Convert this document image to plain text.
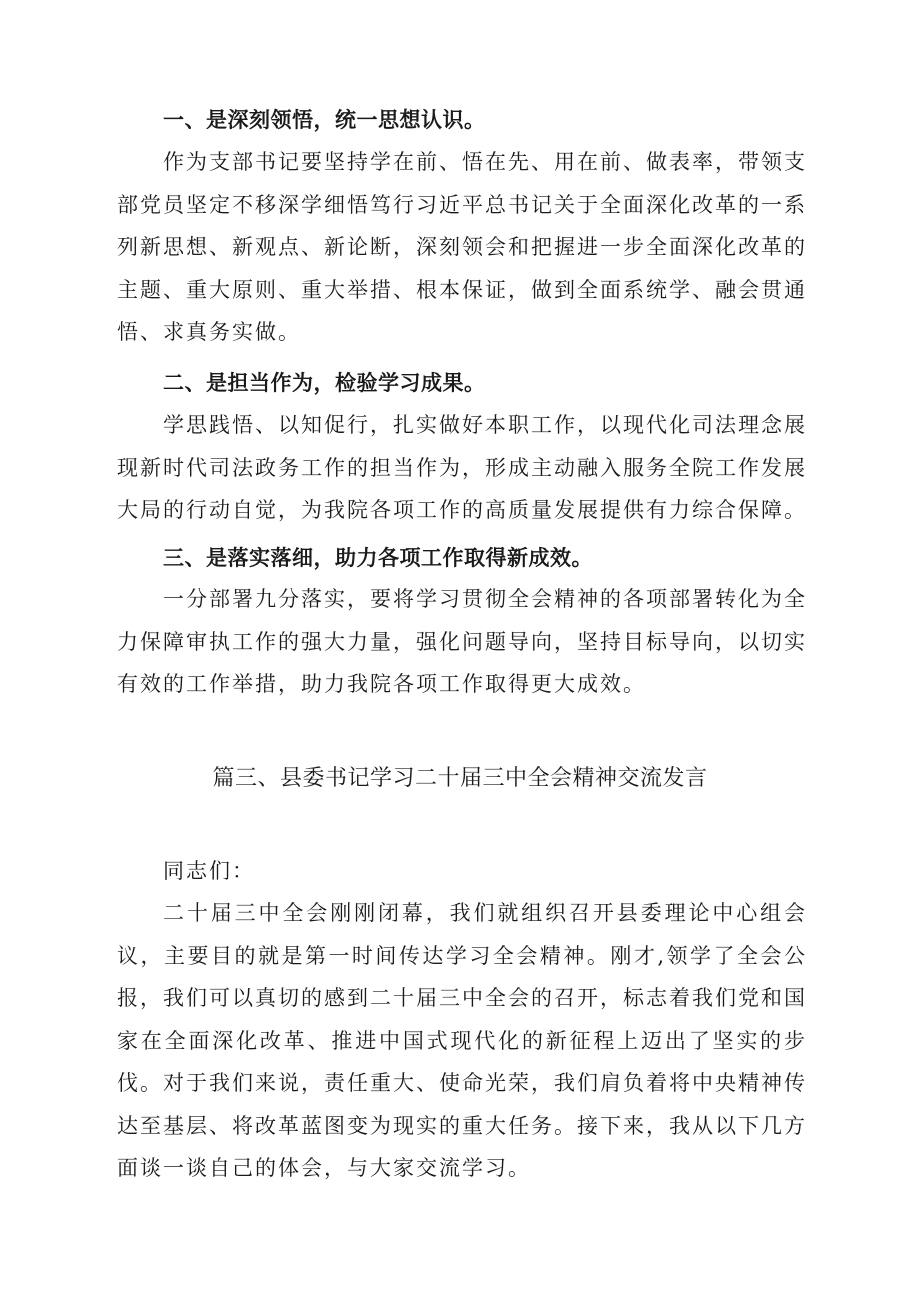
一、是深刻领悟，统一思想认识。
作为支部书记要坚持学在前、悟在先、用在前、做表率，带领支部党员坚定不移深学细悟笃行习近平总书记关于全面深化改革的一系列新思想、新观点、新论断，深刻领会和把握进一步全面深化改革的主题、重大原则、重大举措、根本保证，做到全面系统学、融会贯通悟、求真务实做。
二、是担当作为，检验学习成果。
学思践悟、以知促行，扎实做好本职工作，以现代化司法理念展现新时代司法政务工作的担当作为，形成主动融入服务全院工作发展大局的行动自觉，为我院各项工作的高质量发展提供有力综合保障。
三、是落实落细，助力各项工作取得新成效。
一分部署九分落实，要将学习贯彻全会精神的各项部署转化为全力保障审执工作的强大力量，强化问题导向，坚持目标导向，以切实有效的工作举措，助力我院各项工作取得更大成效。
篇三、县委书记学习二十届三中全会精神交流发言
同志们：
二十届三中全会刚刚闭幕，我们就组织召开县委理论中心组会议，主要目的就是第一时间传达学习全会精神。刚才,领学了全会公报，我们可以真切的感到二十届三中全会的召开，标志着我们党和国家在全面深化改革、推进中国式现代化的新征程上迈出了坚实的步伐。对于我们来说，责任重大、使命光荣，我们肩负着将中央精神传达至基层、将改革蓝图变为现实的重大任务。接下来，我从以下几方面谈一谈自己的体会，与大家交流学习。
